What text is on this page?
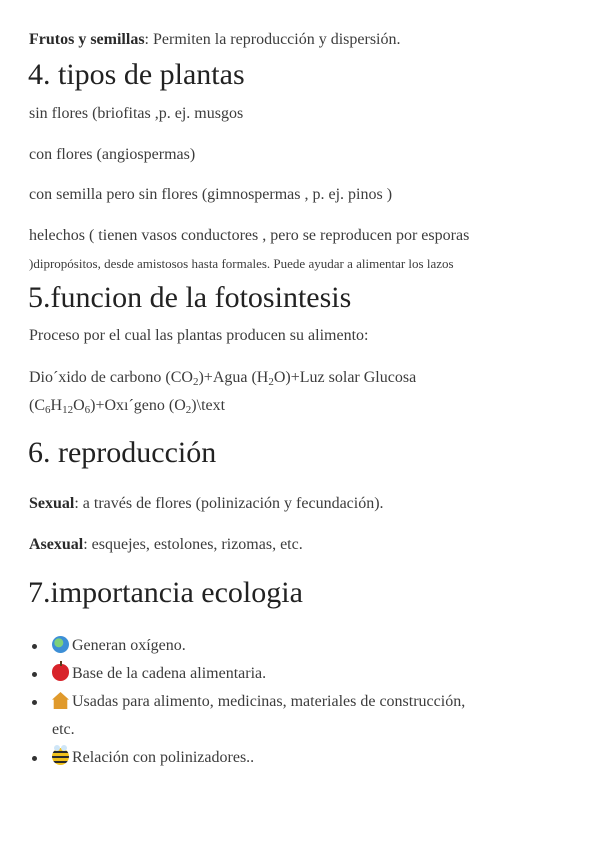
Frutos y semillas: Permiten la reproducción y dispersión.

4. tipos de plantas

sin flores (briofitas ,p. ej. musgos

con flores (angiospermas)

con semilla pero sin flores (gimnospermas , p. ej. pinos )

helechos ( tienen vasos conductores , pero se reproducen por esporas

)dipropósitos, desde amistosos hasta formales. Puede ayudar a alimentar los lazos

5.funcion de la fotosintesis

Proceso por el cual las plantas producen su alimento:

Dio´xido de carbono $(CO_2)+Agua$ $(H_2O)+Luz$ solar Glucosa

$(C_6H_{12}O_6)+Oxı´geno$ $(O_2)\backslash text$

6. reproducción

Sexual: a través de flores (polinización y fecundación).

Asexual: esquejes, estolones, rizomas, etc.

7.importancia ecologia
Generan oxígeno.
Base de la cadena alimentaria.
Usadas para alimento, medicinas, materiales de construcción,
etc.
Relación con polinizadores..
